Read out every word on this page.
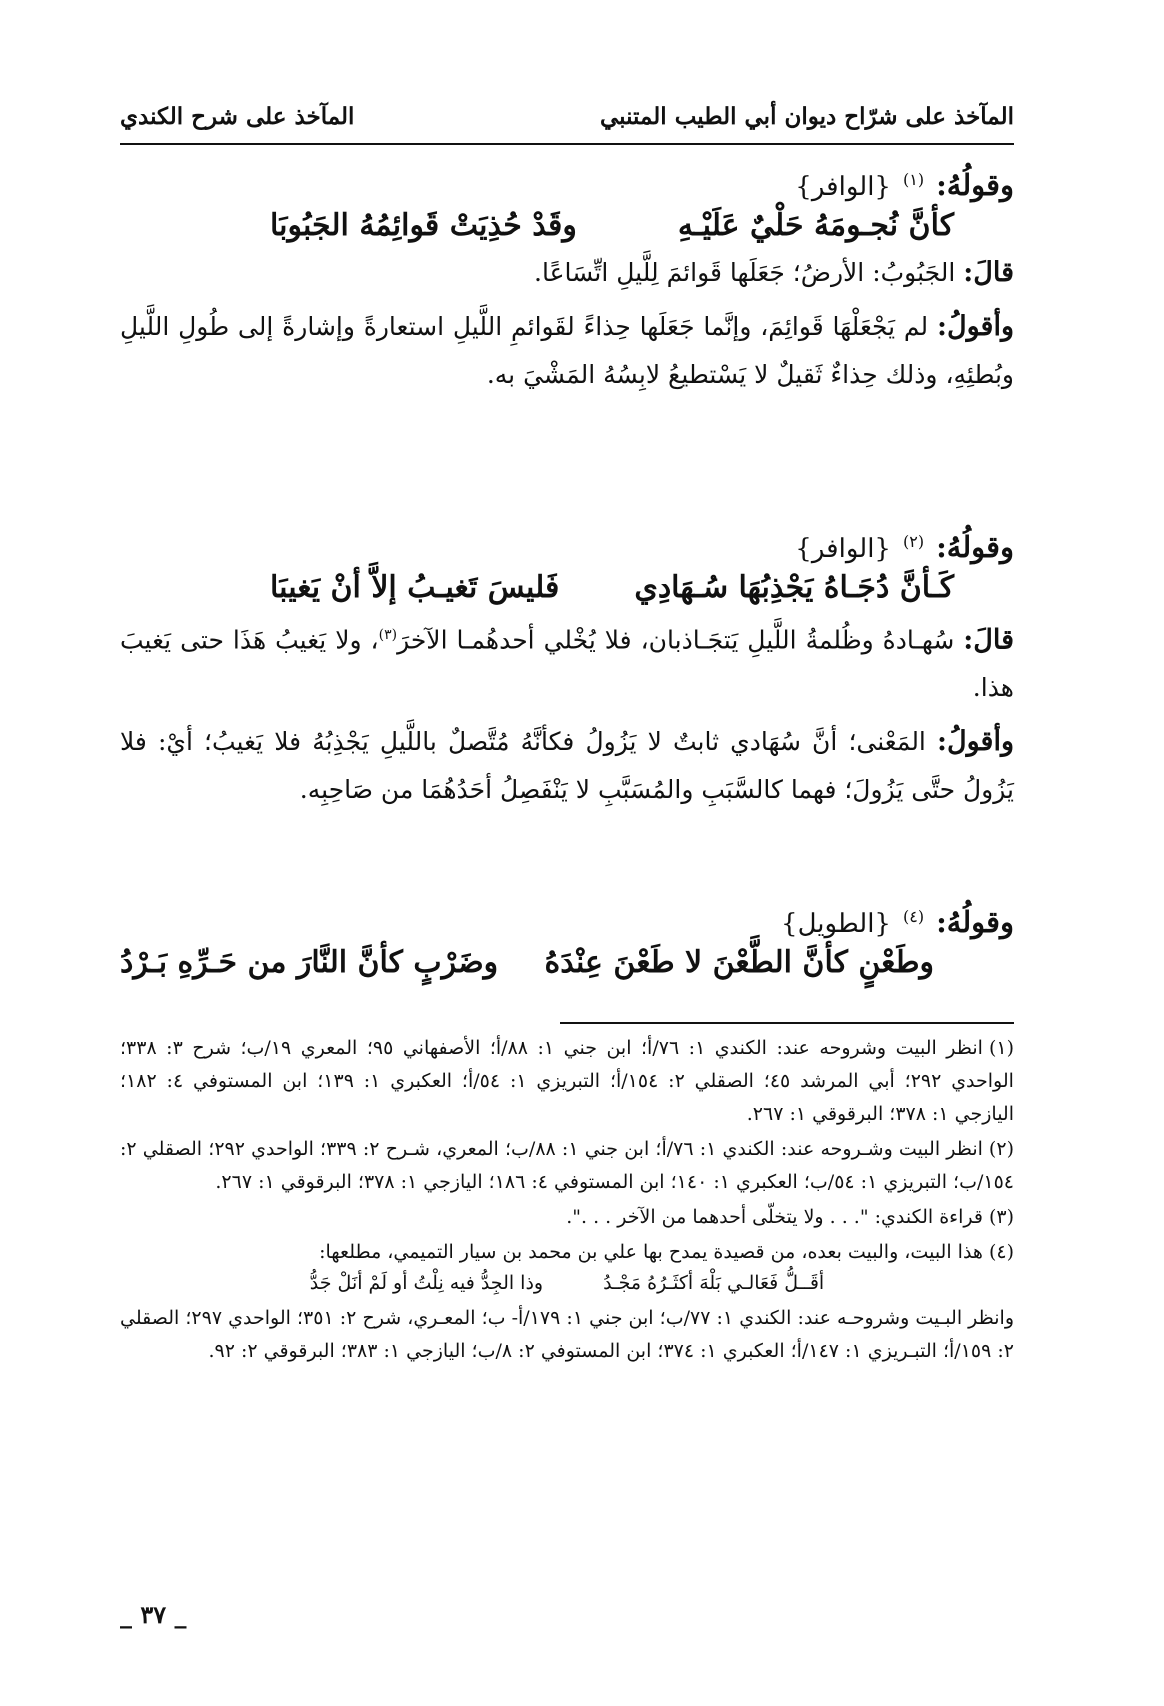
المآخذ على شرّاح ديوان أبي الطيب المتنبي
المآخذ على شرح الكندي
وقولُهُ:
(١)
{الوافر}
كأنَّ نُجـومَهُ حَلْيٌ عَلَيْـهِ
وقَدْ حُذِيَتْ قَوائِمُهُ الجَبُوبَا
قالَ: الجَبُوبُ: الأرضُ؛ جَعَلَها قَوائمَ لِلَّيلِ اتِّسَاعًا.
وأقولُ: لم يَجْعَلْهَا قَوائِمَ، وإنَّما جَعَلَها حِذاءً لقَوائمِ اللَّيلِ استعارةً وإشارةً إلى طُولِ اللَّيلِ وبُطئِهِ، وذلك حِذاءٌ ثَقيلٌ لا يَسْتطيعُ لابِسُهُ المَشْيَ به.
وقولُهُ:
(٢)
{الوافر}
كَـأنَّ دُجَـاهُ يَجْذِبُهَا سُـهَادِي
فَليسَ تَغيـبُ إلاَّ أنْ يَغيبَا
قالَ: سُهـادهُ وظُلمةُ اللَّيلِ يَتجَـاذبان، فلا يُخْلي أحدهُمـا الآخرَ$^{(٣)}$، ولا يَغيبُ هَذَا حتى يَغيبَ هذا.
وأقولُ: المَعْنى؛ أنَّ سُهَادي ثابتٌ لا يَزُولُ فكأنَّهُ مُتَّصلٌ باللَّيلِ يَجْذِبُهُ فلا يَغيبُ؛ أيْ: فلا يَزُولُ حتَّى يَزُولَ؛ فهما كالسَّبَبِ والمُسَبَّبِ لا يَنْفَصِلُ أحَدُهُمَا من صَاحِبِه.
وقولُهُ:
(٤)
{الطويل}
وطَعْنٍ كأنَّ الطَّعْنَ لا طَعْنَ عِنْدَهُ
وضَرْبٍ كأنَّ النَّارَ من حَـرِّهِ بَـرْدُ
(١)انظر البيت وشروحه عند: الكندي ١: ٧٦/أ؛ ابن جني ١: ٨٨/أ؛ الأصفهاني ٩٥؛ المعري ١٩/ب؛ شرح ٣: ٣٣٨؛ الواحدي ٢٩٢؛ أبي المرشد ٤٥؛ الصقلي ٢: ١٥٤/أ؛ التبريزي ١: ٥٤/أ؛ العكبري ١: ١٣٩؛ ابن المستوفي ٤: ١٨٢؛ اليازجي ١: ٣٧٨؛ البرقوقي ١: ٢٦٧.
(٢)انظر البيت وشـروحه عند: الكندي ١: ٧٦/أ؛ ابن جني ١: ٨٨/ب؛ المعري، شـرح ٢: ٣٣٩؛ الواحدي ٢٩٢؛ الصقلي ٢: ١٥٤/ب؛ التبريزي ١: ٥٤/ب؛ العكبري ١: ١٤٠؛ ابن المستوفي ٤: ١٨٦؛ اليازجي ١: ٣٧٨؛ البرقوقي ١: ٢٦٧.
(٣)قراءة الكندي: ". . . ولا يتخلّى أحدهما من الآخر . . .".
(٤)هذا البيت، والبيت بعده، من قصيدة يمدح بها علي بن محمد بن سيار التميمي، مطلعها:
أقَــلُّ فَعَالـي بَلْهَ أكثَـرُهُ مَجْـدُ
وذا الجِدُّ فيه نِلْتُ أو لَمْ أنَلْ جَدُّ
وانظر البـيت وشروحـه عند: الكندي ١: ٧٧/ب؛ ابن جني ١: ١٧٩/أ- ب؛ المعـري، شرح ٢: ٣٥١؛ الواحدي ٢٩٧؛ الصقلي ٢: ١٥٩/أ؛ التبـريزي ١: ١٤٧/أ؛ العكبري ١: ٣٧٤؛ ابن المستوفي ٢: ٨/ب؛ اليازجي ١: ٣٨٣؛ البرقوقي ٢: ٩٢.
_ ٣٧ _
